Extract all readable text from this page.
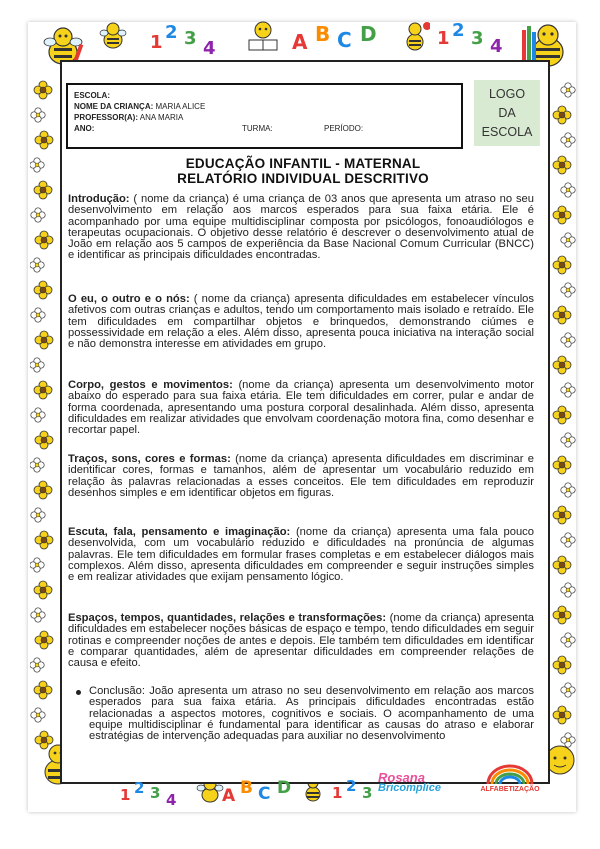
1 2 3 4	A B C D	1 2 3 4
ESCOLA:
NOME DA CRIANÇA: MARIA ALICE
PROFESSOR(A): ANA MARIA
ANO:	TURMA:	PERÍODO:
LOGO
DA
ESCOLA
EDUCAÇÃO INFANTIL - MATERNAL
RELATÓRIO INDIVIDUAL DESCRITIVO
Introdução: ( nome da criança) é uma criança de 03 anos que apresenta um atraso no seu desenvolvimento em relação aos marcos esperados para sua faixa etária. Ele é acompanhado por uma equipe multidisciplinar composta por psicólogos, fonoaudiólogos e terapeutas ocupacionais. O objetivo desse relatório é descrever o desenvolvimento atual de João em relação aos 5 campos de experiência da Base Nacional Comum Curricular (BNCC) e identificar as principais dificuldades encontradas.
O eu, o outro e o nós: ( nome da criança) apresenta dificuldades em estabelecer vínculos afetivos com outras crianças e adultos, tendo um comportamento mais isolado e retraído. Ele tem dificuldades em compartilhar objetos e brinquedos, demonstrando ciúmes e possessividade em relação a eles. Além disso, apresenta pouca iniciativa na interação social e não demonstra interesse em atividades em grupo.
Corpo, gestos e movimentos: (nome da criança) apresenta um desenvolvimento motor abaixo do esperado para sua faixa etária. Ele tem dificuldades em correr, pular e andar de forma coordenada, apresentando uma postura corporal desalinhada. Além disso, apresenta dificuldades em realizar atividades que envolvam coordenação motora fina, como desenhar e recortar papel.
Traços, sons, cores e formas: (nome da criança) apresenta dificuldades em discriminar e identificar cores, formas e tamanhos, além de apresentar um vocabulário reduzido em relação às palavras relacionadas a esses conceitos. Ele tem dificuldades em reproduzir desenhos simples e em identificar objetos em figuras.
Escuta, fala, pensamento e imaginação: (nome da criança) apresenta uma fala pouco desenvolvida, com um vocabulário reduzido e dificuldades na pronúncia de algumas palavras. Ele tem dificuldades em formular frases completas e em estabelecer diálogos mais complexos. Além disso, apresenta dificuldades em compreender e seguir instruções simples e em realizar atividades que exijam pensamento lógico.
Espaços, tempos, quantidades, relações e transformações: (nome da criança) apresenta dificuldades em estabelecer noções básicas de espaço e tempo, tendo dificuldades em seguir rotinas e compreender noções de antes e depois. Ele também tem dificuldades em identificar e comparar quantidades, além de apresentar dificuldades em compreender relações de causa e efeito.
Conclusão: João apresenta um atraso no seu desenvolvimento em relação aos marcos esperados para sua faixa etária. As principais dificuldades encontradas estão relacionadas a aspectos motores, cognitivos e sociais. O acompanhamento de uma equipe multidisciplinar é fundamental para identificar as causas do atraso e elaborar estratégias de intervenção adequadas para auxiliar no desenvolvimento
1 2 3 4	A B C D	1 2 3
Rosana
Bricomplice	ALFABETIZAÇÃO
